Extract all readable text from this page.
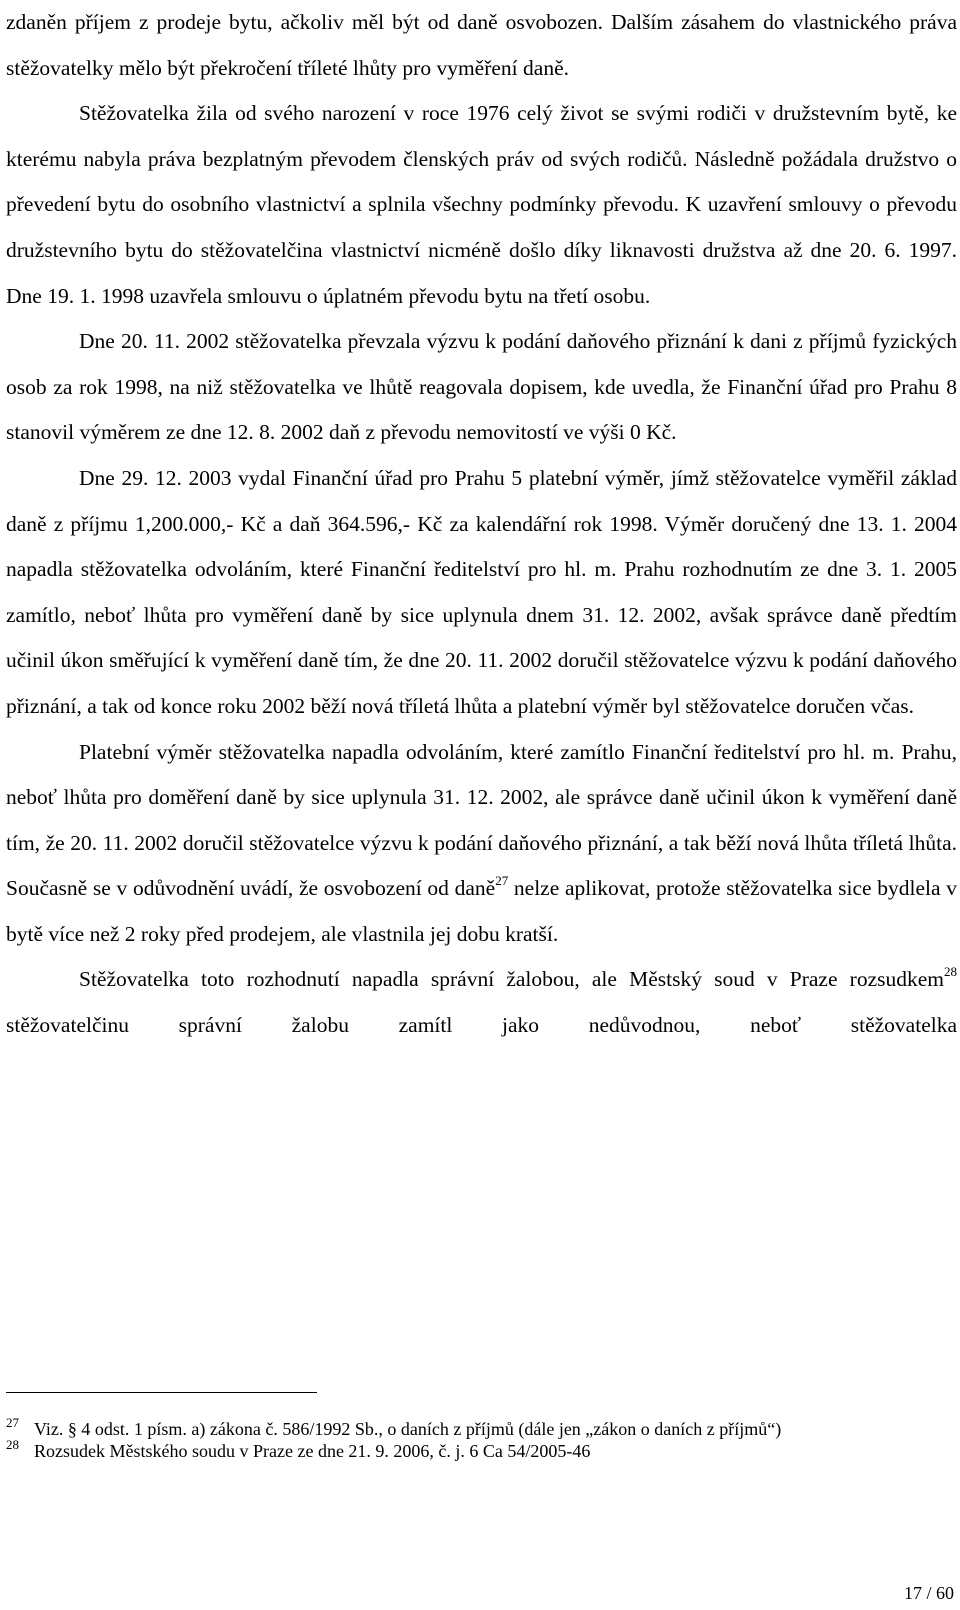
zdaněn příjem z prodeje bytu, ačkoliv měl být od daně osvobozen. Dalším zásahem do vlastnického práva stěžovatelky mělo být překročení tříleté lhůty pro vyměření daně.

Stěžovatelka žila od svého narození v roce 1976 celý život se svými rodiči v družstevním bytě, ke kterému nabyla práva bezplatným převodem členských práv od svých rodičů. Následně požádala družstvo o převedení bytu do osobního vlastnictví a splnila všechny podmínky převodu. K uzavření smlouvy o převodu družstevního bytu do stěžovatelčina vlastnictví nicméně došlo díky liknavosti družstva až dne 20. 6. 1997. Dne 19. 1. 1998 uzavřela smlouvu o úplatném převodu bytu na třetí osobu.

Dne 20. 11. 2002 stěžovatelka převzala výzvu k podání daňového přiznání k dani z příjmů fyzických osob za rok 1998, na niž stěžovatelka ve lhůtě reagovala dopisem, kde uvedla, že Finanční úřad pro Prahu 8 stanovil výměrem ze dne 12. 8. 2002 daň z převodu nemovitostí ve výši 0 Kč.

Dne 29. 12. 2003 vydal Finanční úřad pro Prahu 5 platební výměr, jímž stěžovatelce vyměřil základ daně z příjmu 1,200.000,- Kč a daň 364.596,- Kč za kalendářní rok 1998. Výměr doručený dne 13. 1. 2004 napadla stěžovatelka odvoláním, které Finanční ředitelství pro hl. m. Prahu rozhodnutím ze dne 3. 1. 2005 zamítlo, neboť lhůta pro vyměření daně by sice uplynula dnem 31. 12. 2002, avšak správce daně předtím učinil úkon směřující k vyměření daně tím, že dne 20. 11. 2002 doručil stěžovatelce výzvu k podání daňového přiznání, a tak od konce roku 2002 běží nová tříletá lhůta a platební výměr byl stěžovatelce doručen včas.

Platební výměr stěžovatelka napadla odvoláním, které zamítlo Finanční ředitelství pro hl. m. Prahu, neboť lhůta pro doměření daně by sice uplynula 31. 12. 2002, ale správce daně učinil úkon k vyměření daně tím, že 20. 11. 2002 doručil stěžovatelce výzvu k podání daňového přiznání, a tak běží nová lhůta tříletá lhůta. Současně se v odůvodnění uvádí, že osvobození od daně$^{27}$ nelze aplikovat, protože stěžovatelka sice bydlela v bytě více než 2 roky před prodejem, ale vlastnila jej dobu kratší.

Stěžovatelka toto rozhodnutí napadla správní žalobou, ale Městský soud v Praze rozsudkem$^{28}$ stěžovatelčinu správní žalobu zamítl jako nedůvodnou, neboť stěžovatelka

27 Viz. § 4 odst. 1 písm. a) zákona č. 586/1992 Sb., o daních z příjmů (dále jen „zákon o daních z příjmů“)
28 Rozsudek Městského soudu v Praze ze dne 21. 9. 2006, č. j. 6 Ca 54/2005-46
17 / 60
